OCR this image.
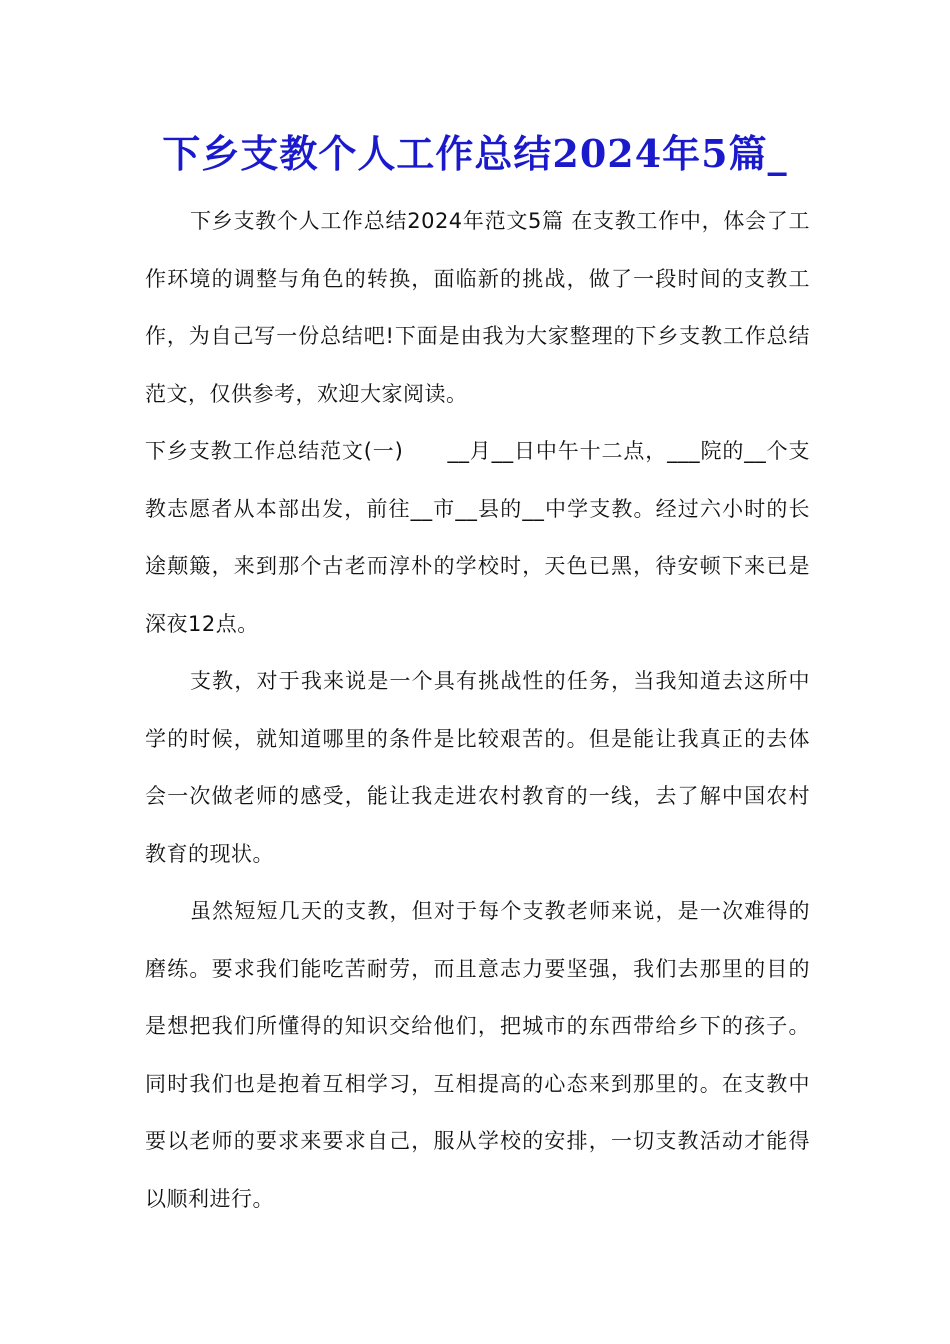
下乡支教个人工作总结2024年5篇_

下乡支教个人工作总结2024年范文5篇 在支教工作中，体会了工作环境的调整与角色的转换，面临新的挑战，做了一段时间的支教工作，为自己写一份总结吧!下面是由我为大家整理的下乡支教工作总结范文，仅供参考，欢迎大家阅读。

下乡支教工作总结范文(一)　　__月__日中午十二点，___院的__个支教志愿者从本部出发，前往__市__县的__中学支教。经过六小时的长途颠簸，来到那个古老而淳朴的学校时，天色已黑，待安顿下来已是深夜12点。

支教，对于我来说是一个具有挑战性的任务，当我知道去这所中学的时候，就知道哪里的条件是比较艰苦的。但是能让我真正的去体会一次做老师的感受，能让我走进农村教育的一线，去了解中国农村教育的现状。

虽然短短几天的支教，但对于每个支教老师来说，是一次难得的磨练。要求我们能吃苦耐劳，而且意志力要坚强，我们去那里的目的是想把我们所懂得的知识交给他们，把城市的东西带给乡下的孩子。同时我们也是抱着互相学习，互相提高的心态来到那里的。在支教中要以老师的要求来要求自己，服从学校的安排，一切支教活动才能得以顺利进行。
